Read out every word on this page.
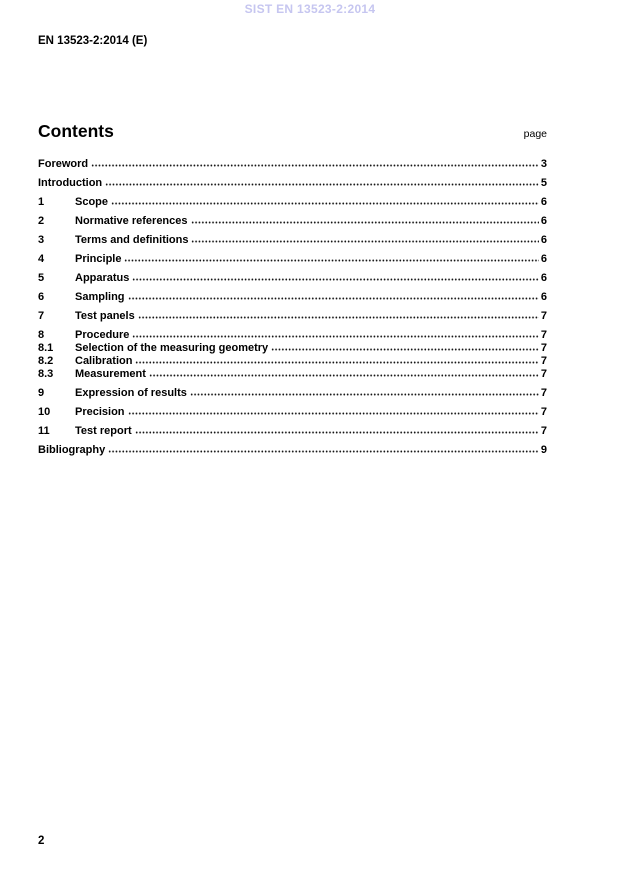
SIST EN 13523-2:2014
EN 13523-2:2014 (E)
Contents	page
Foreword	3
Introduction	5
1	Scope	6
2	Normative references	6
3	Terms and definitions	6
4	Principle	6
5	Apparatus	6
6	Sampling	6
7	Test panels	7
8	Procedure	7
8.1	Selection of the measuring geometry	7
8.2	Calibration	7
8.3	Measurement	7
9	Expression of results	7
10	Precision	7
11	Test report	7
Bibliography	9
2
